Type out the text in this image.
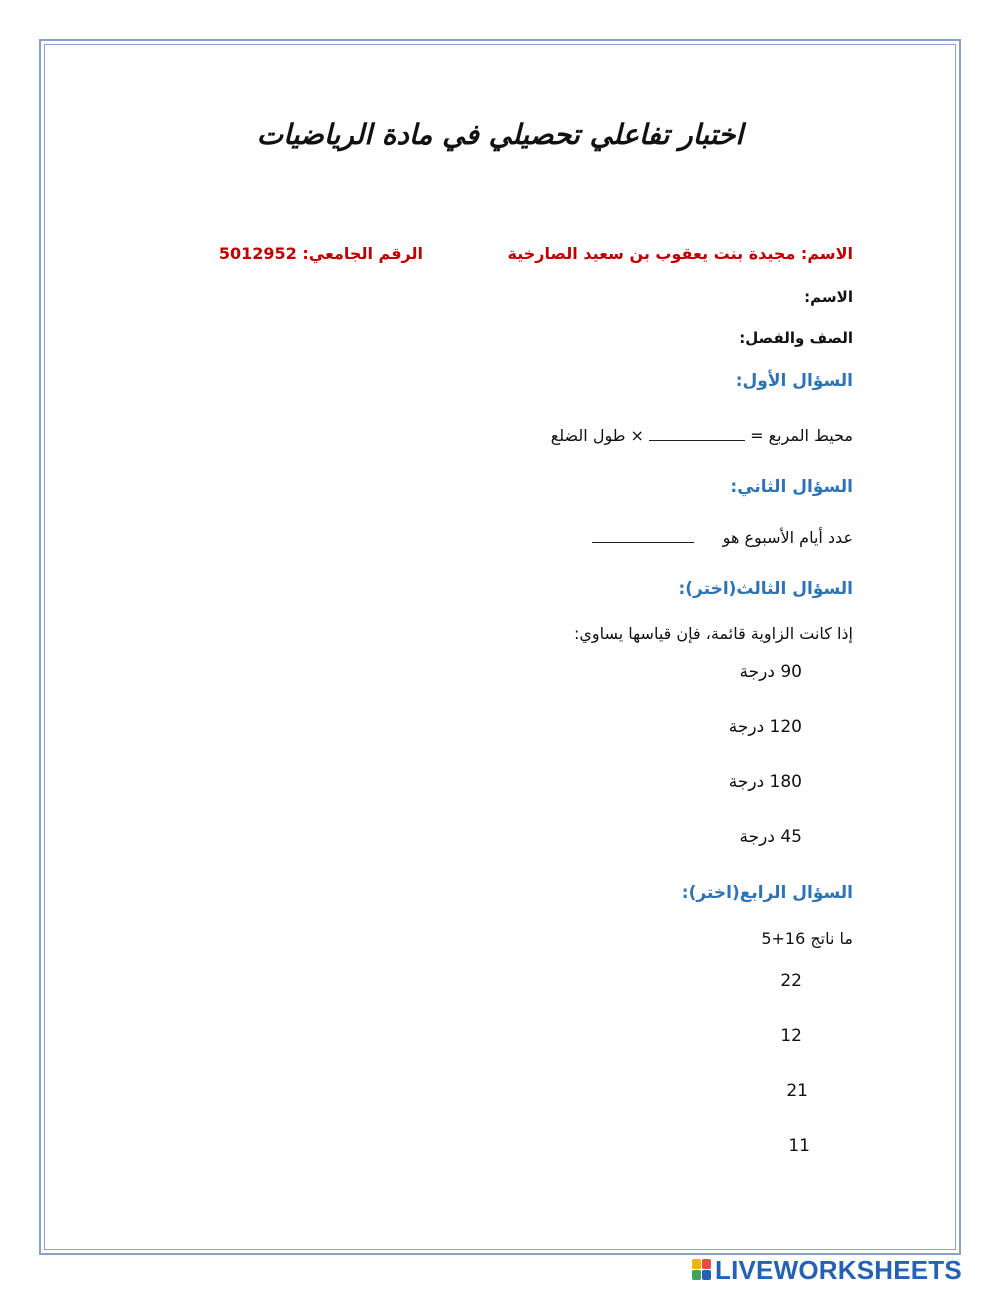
اختبار تفاعلي تحصيلي في مادة الرياضيات
الاسم: مجيدة بنت يعقوب بن سعيد الصارخية
الرقم الجامعي: 5012952
الاسم:
الصف والفصل:
السؤال الأول:
محيط المربع =  × طول الضلع
السؤال الثاني:
عدد أيام الأسبوع هو
السؤال الثالث(اختر):
إذا كانت الزاوية قائمة، فإن قياسها يساوي:
90 درجة
120 درجة
180 درجة
45 درجة
السؤال الرابع(اختر):
ما ناتج 16+5
22
12
21
11
LIVEWORKSHEETS
